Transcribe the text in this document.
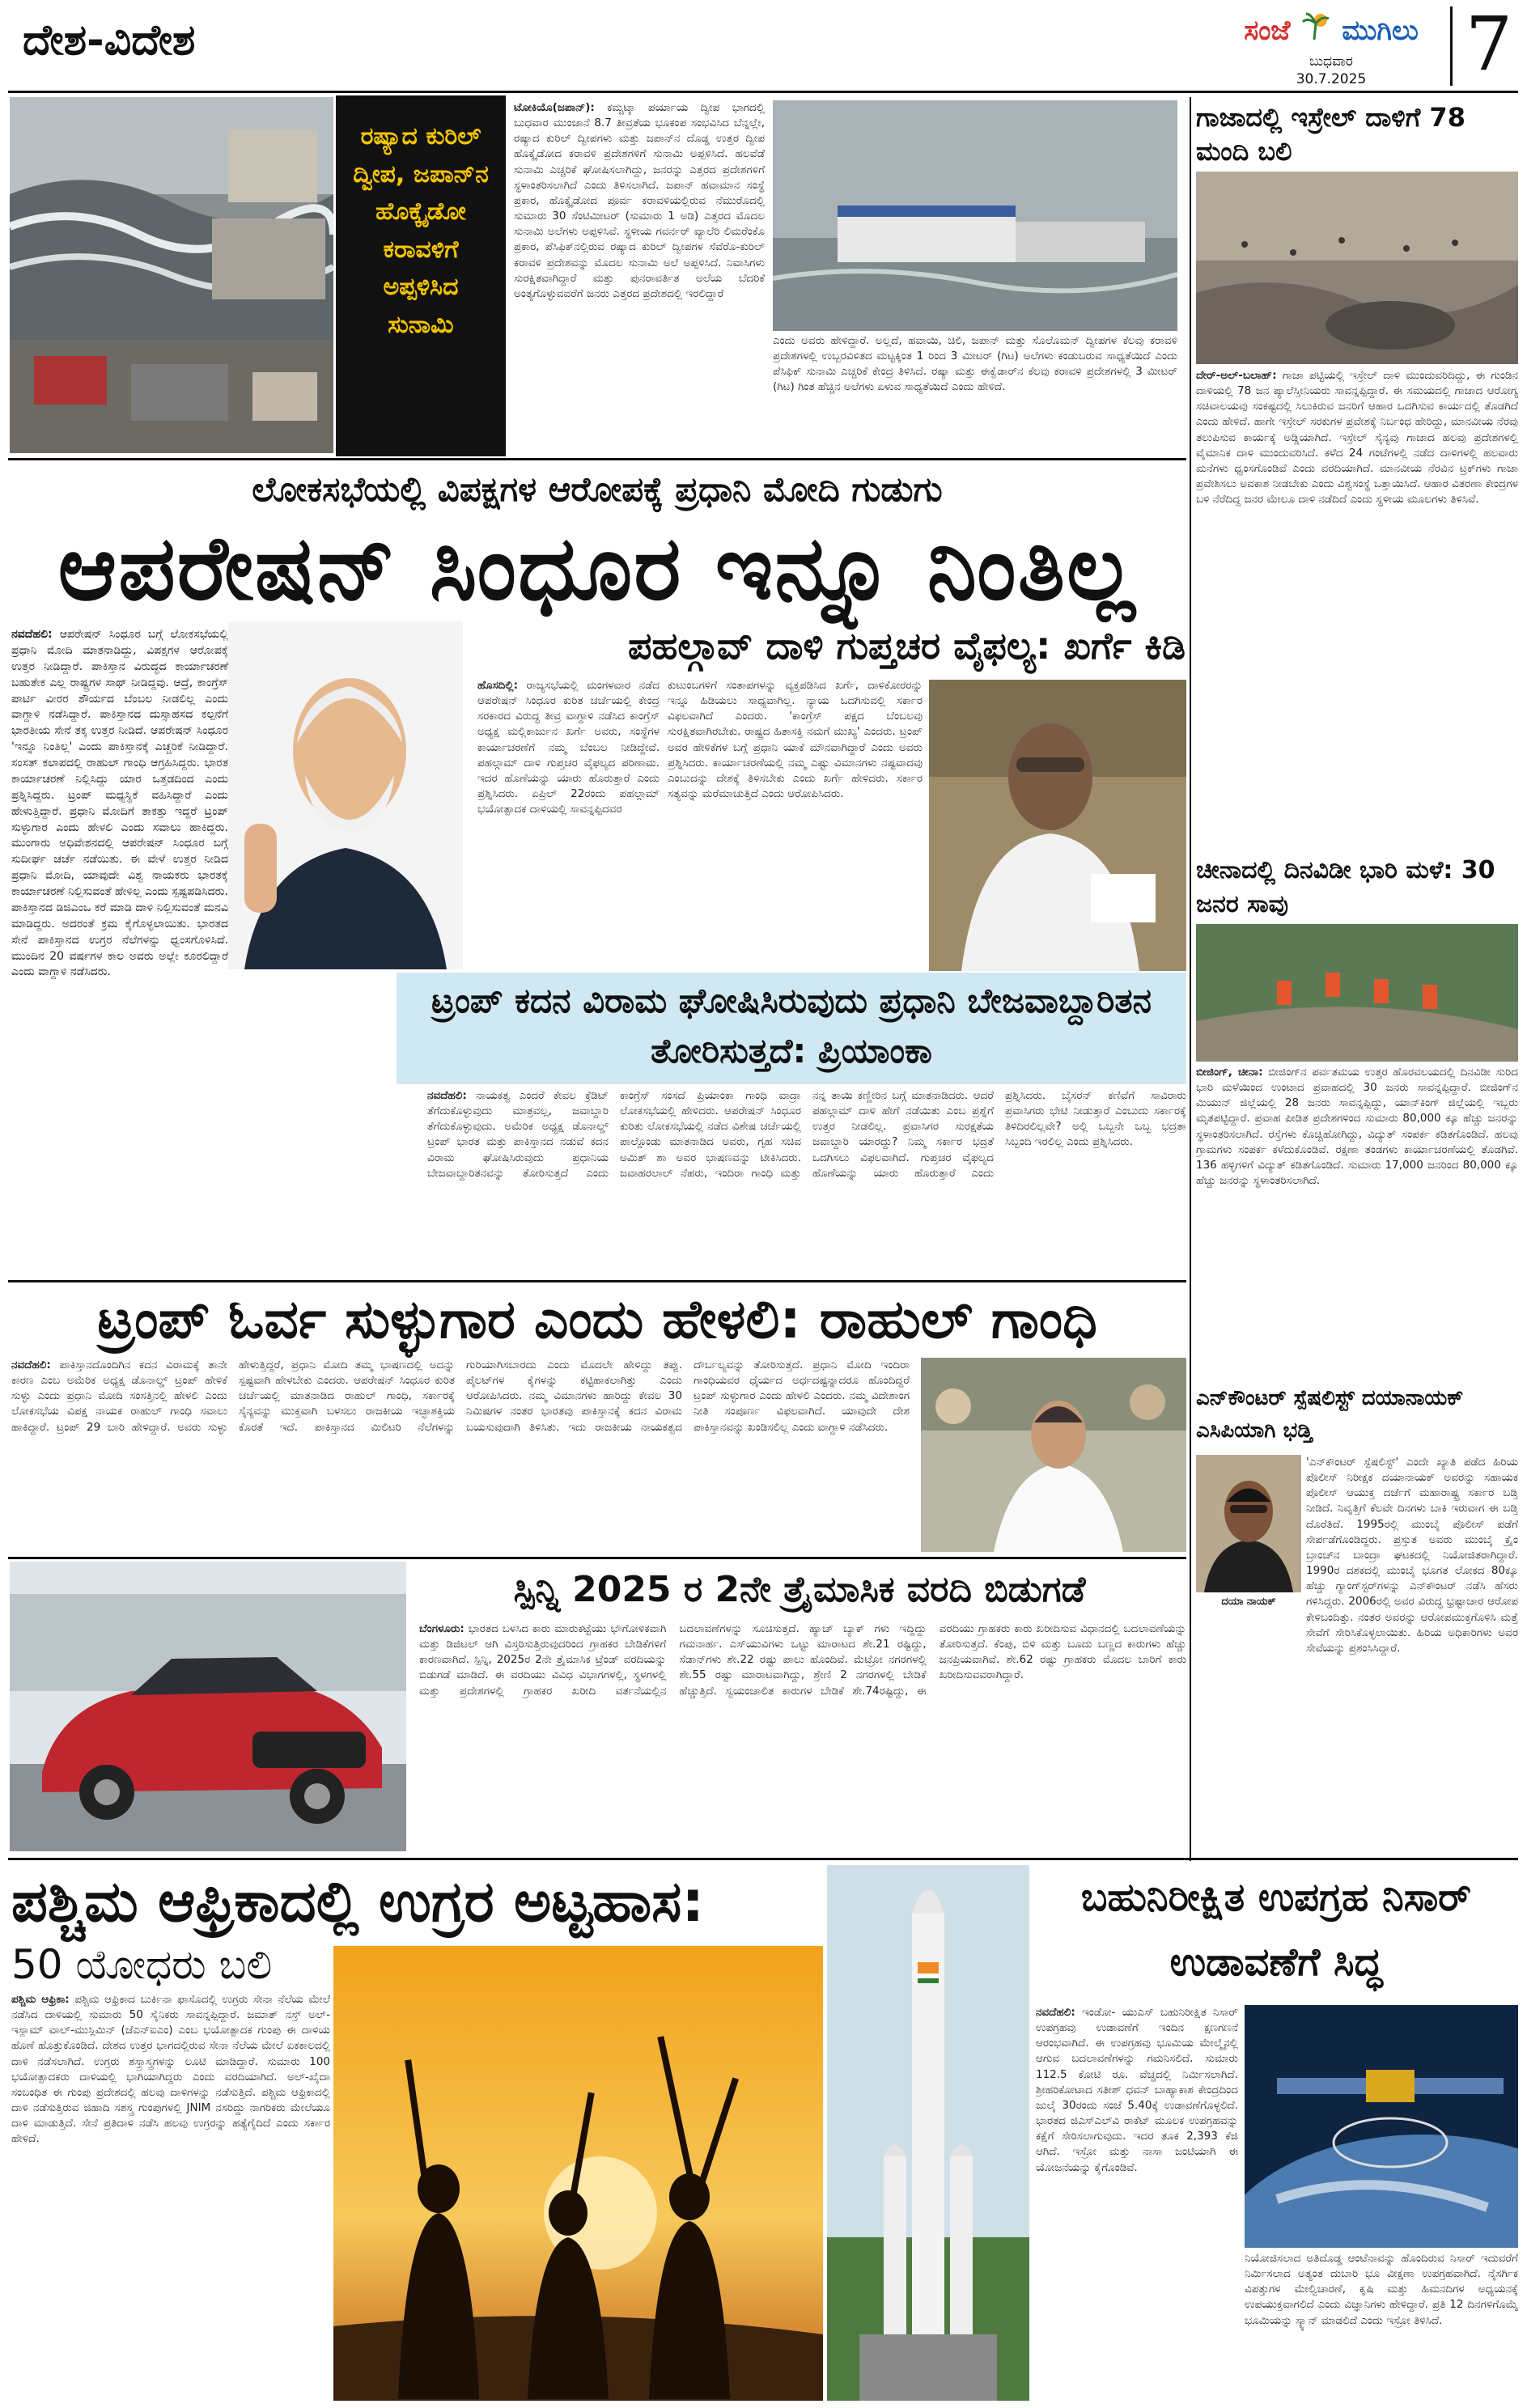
ದೇಶ-ವಿದೇಶ	ಸಂಜೆ ಮುಗಿಲು
ಬುಧವಾರ
30.7.2025	7
ರಷ್ಯಾದ ಕುರಿಲ್ ದ್ವೀಪ, ಜಪಾನ್‌ನ ಹೊಕ್ಕೈಡೋ ಕರಾವಳಿಗೆ ಅಪ್ಪಳಿಸಿದ ಸುನಾಮಿ
ಟೋಕಿಯೊ(ಜಪಾನ್): ಕಮ್ಚಟ್ಕಾ ಪರ್ಯಾಯ ದ್ವೀಪ ಭಾಗದಲ್ಲಿ ಬುಧವಾರ ಮುಂಜಾನೆ 8.7 ತೀವ್ರತೆಯ ಭೂಕಂಪ ಸಂಭವಿಸಿದ ಬೆನ್ನಲ್ಲೇ, ರಷ್ಯಾದ ಕುರಿಲ್ ದ್ವೀಪಗಳು ಮತ್ತು ಜಪಾನ್‌ನ ದೊಡ್ಡ ಉತ್ತರ ದ್ವೀಪ ಹೊಕ್ಕೈಡೋದ ಕರಾವಳಿ ಪ್ರದೇಶಗಳಿಗೆ ಸುನಾಮಿ ಅಪ್ಪಳಿಸಿದೆ. ಹಲವೆಡೆ ಸುನಾಮಿ ಎಚ್ಚರಿಕೆ ಘೋಷಿಸಲಾಗಿದ್ದು, ಜನರನ್ನು ಎತ್ತರದ ಪ್ರದೇಶಗಳಿಗೆ ಸ್ಥಳಾಂತರಿಸಲಾಗಿದೆ ಎಂದು ತಿಳಿಸಲಾಗಿದೆ. ಜಪಾನ್ ಹವಾಮಾನ ಸಂಸ್ಥೆ ಪ್ರಕಾರ, ಹೊಕ್ಕೈಡೋದ ಪೂರ್ವ ಕರಾವಳಿಯಲ್ಲಿರುವ ನೆಮುರೊದಲ್ಲಿ ಸುಮಾರು 30 ಸೆಂಟಿಮೀಟರ್ (ಸುಮಾರು 1 ಅಡಿ) ಎತ್ತರದ ಮೊದಲ ಸುನಾಮಿ ಅಲೆಗಳು ಅಪ್ಪಳಿಸಿವೆ. ಸ್ಥಳೀಯ ಗವರ್ನರ್ ವ್ಯಾಲೆರಿ ಲಿಮರೆಂಕೊ ಪ್ರಕಾರ, ಪೆಸಿಫಿಕ್‌ನಲ್ಲಿರುವ ರಷ್ಯಾದ ಕುರಿಲ್ ದ್ವೀಪಗಳ ಸೆವೆರೊ-ಕುರಿಲ್ ಕರಾವಳಿ ಪ್ರದೇಶವನ್ನು ಮೊದಲ ಸುನಾಮಿ ಅಲೆ ಅಪ್ಪಳಿಸಿದೆ. ನಿವಾಸಿಗಳು ಸುರಕ್ಷಿತವಾಗಿದ್ದಾರೆ ಮತ್ತು ಪುನರಾವರ್ತಿತ ಅಲೆಯ ಬೆದರಿಕೆ ಅಂತ್ಯಗೊಳ್ಳುವವರೆಗೆ ಜನರು ಎತ್ತರದ ಪ್ರದೇಶದಲ್ಲಿ ಇರಲಿದ್ದಾರೆ
ಎಂದು ಅವರು ಹೇಳಿದ್ದಾರೆ. ಅಲ್ಲದೆ, ಹವಾಯಿ, ಚಿಲಿ, ಜಪಾನ್ ಮತ್ತು ಸೊಲೊಮನ್ ದ್ವೀಪಗಳ ಕೆಲವು ಕರಾವಳಿ ಪ್ರದೇಶಗಳಲ್ಲಿ ಉಬ್ಬರವಿಳಿತದ ಮಟ್ಟಕ್ಕಿಂತ 1 ರಿಂದ 3 ಮೀಟರ್ (ಗಿಟ) ಅಲೆಗಳು ಕಂಡುಬರುವ ಸಾಧ್ಯತೆಯಿದೆ ಎಂದು ಪೆಸಿಫಿಕ್ ಸುನಾಮಿ ಎಚ್ಚರಿಕೆ ಕೇಂದ್ರ ತಿಳಿಸಿದೆ. ರಷ್ಯಾ ಮತ್ತು ಈಕ್ವೆಡಾರ್‌ನ ಕೆಲವು ಕರಾವಳಿ ಪ್ರದೇಶಗಳಲ್ಲಿ 3 ಮೀಟರ್ (ಗಿಟ) ಗಿಂತ ಹೆಚ್ಚಿನ ಅಲೆಗಳು ಏಳುವ ಸಾಧ್ಯತೆಯಿದೆ ಎಂದು ಹೇಳಿದೆ.
ಲೋಕಸಭೆಯಲ್ಲಿ ವಿಪಕ್ಷಗಳ ಆರೋಪಕ್ಕೆ ಪ್ರಧಾನಿ ಮೋದಿ ಗುಡುಗು
ಆಪರೇಷನ್ ಸಿಂಧೂರ ಇನ್ನೂ ನಿಂತಿಲ್ಲ
ನವದೆಹಲಿ: ಆಪರೇಷನ್ ಸಿಂಧೂರ ಬಗ್ಗೆ ಲೋಕಸಭೆಯಲ್ಲಿ ಪ್ರಧಾನಿ ಮೋದಿ ಮಾತನಾಡಿದ್ದು, ವಿಪಕ್ಷಗಳ ಆರೋಪಕ್ಕೆ ಉತ್ತರ ನೀಡಿದ್ದಾರೆ. ಪಾಕಿಸ್ತಾನ ವಿರುದ್ಧದ ಕಾರ್ಯಾಚರಣೆ ಬಹುತೇಕ ಎಲ್ಲ ರಾಷ್ಟ್ರಗಳ ಸಾಥ್ ನೀಡಿದ್ದವು. ಆದ್ರೆ, ಕಾಂಗ್ರೆಸ್ ಪಾರ್ಟಿ ವೀರರ ಶೌರ್ಯದ ಬೆಂಬಲ ನೀಡಲಿಲ್ಲ ಎಂದು ವಾಗ್ದಾಳಿ ನಡೆಸಿದ್ದಾರೆ. ಪಾಕಿಸ್ತಾನದ ದುಸ್ಸಾಹಸದ ಕಲ್ಪನೆಗೆ ಭಾರತೀಯ ಸೇನೆ ತಕ್ಕ ಉತ್ತರ ನೀಡಿದೆ. ಆಪರೇಷನ್ ಸಿಂಧೂರ 'ಇನ್ನೂ ನಿಂತಿಲ್ಲ' ಎಂದು ಪಾಕಿಸ್ತಾನಕ್ಕೆ ಎಚ್ಚರಿಕೆ ನೀಡಿದ್ದಾರೆ. ಸಂಸತ್ ಕಲಾಪದಲ್ಲಿ ರಾಹುಲ್ ಗಾಂಧಿ ಆಗ್ರಹಿಸಿದ್ದರು. ಭಾರತ ಕಾರ್ಯಾಚರಣೆ ನಿಲ್ಲಿಸಿದ್ದು ಯಾರ ಒತ್ತಡದಿಂದ ಎಂದು ಪ್ರಶ್ನಿಸಿದ್ದರು. ಟ್ರಂಪ್ ಮಧ್ಯಸ್ಥಿಕೆ ವಹಿಸಿದ್ದಾರೆ ಎಂದು ಹೇಳುತ್ತಿದ್ದಾರೆ. ಪ್ರಧಾನಿ ಮೋದಿಗೆ ತಾಕತ್ತು ಇದ್ದರೆ ಟ್ರಂಪ್ ಸುಳ್ಳುಗಾರ ಎಂದು ಹೇಳಲಿ ಎಂದು ಸವಾಲು ಹಾಕಿದ್ದರು. ಮುಂಗಾರು ಅಧಿವೇಶನದಲ್ಲಿ ಆಪರೇಷನ್ ಸಿಂಧೂರ ಬಗ್ಗೆ ಸುದೀರ್ಘ ಚರ್ಚೆ ನಡೆಯಿತು. ಈ ವೇಳೆ ಉತ್ತರ ನೀಡಿದ ಪ್ರಧಾನಿ ಮೋದಿ, ಯಾವುದೇ ವಿಶ್ವ ನಾಯಕರು ಭಾರತಕ್ಕೆ ಕಾರ್ಯಾಚರಣೆ ನಿಲ್ಲಿಸುವಂತೆ ಹೇಳಿಲ್ಲ ಎಂದು ಸ್ಪಷ್ಟಪಡಿಸಿದರು. ಪಾಕಿಸ್ತಾನದ ಡಿಜಿಎಂಒ ಕರೆ ಮಾಡಿ ದಾಳಿ ನಿಲ್ಲಿಸುವಂತೆ ಮನವಿ ಮಾಡಿದ್ದರು. ಅದರಂತೆ ಕ್ರಮ ಕೈಗೊಳ್ಳಲಾಯಿತು. ಭಾರತದ ಸೇನೆ ಪಾಕಿಸ್ತಾನದ ಉಗ್ರರ ನೆಲೆಗಳನ್ನು ಧ್ವಂಸಗೊಳಿಸಿದೆ. ಮುಂದಿನ 20 ವರ್ಷಗಳ ಕಾಲ ಅವರು ಅಲ್ಲೇ ಕೂರಲಿದ್ದಾರೆ ಎಂದು ವಾಗ್ದಾಳಿ ನಡೆಸಿದರು.
ಪಹಲ್ಗಾವ್ ದಾಳಿ ಗುಪ್ತಚರ ವೈಫಲ್ಯ: ಖರ್ಗೆ ಕಿಡಿ
ಹೊಸದಿಲ್ಲಿ: ರಾಜ್ಯಸಭೆಯಲ್ಲಿ ಮಂಗಳವಾರ ನಡೆದ ಆಪರೇಷನ್ ಸಿಂಧೂರ ಕುರಿತ ಚರ್ಚೆಯಲ್ಲಿ ಕೇಂದ್ರ ಸರಕಾರದ ವಿರುದ್ಧ ತೀವ್ರ ವಾಗ್ದಾಳಿ ನಡೆಸಿದ ಕಾಂಗ್ರೆಸ್ ಅಧ್ಯಕ್ಷ ಮಲ್ಲಿಕಾರ್ಜುನ ಖರ್ಗೆ ಅವರು, ಸಂಸ್ಥೆಗಳ ಕಾರ್ಯಾಚರಣೆಗೆ ನಮ್ಮ ಬೆಂಬಲ ನೀಡಿದ್ದೇವೆ. ಪಹಲ್ಗಾಮ್ ದಾಳಿ ಗುಪ್ತಚರ ವೈಫಲ್ಯದ ಪರಿಣಾಮ. ಇದರ ಹೊಣೆಯನ್ನು ಯಾರು ಹೊರುತ್ತಾರೆ ಎಂದು ಪ್ರಶ್ನಿಸಿದರು. ಏಪ್ರಿಲ್ 22ರಂದು ಪಹಲ್ಗಾಮ್ ಭಯೋತ್ಪಾದಕ ದಾಳಿಯಲ್ಲಿ ಸಾವನ್ನಪ್ಪಿದವರ
ಕುಟುಂಬಗಳಿಗೆ ಸಂತಾಪಗಳನ್ನು ವ್ಯಕ್ತಪಡಿಸಿದ ಖರ್ಗೆ, ದಾಳಿಕೋರರನ್ನು ಇನ್ನೂ ಹಿಡಿಯಲು ಸಾಧ್ಯವಾಗಿಲ್ಲ. ನ್ಯಾಯ ಒದಗಿಸುವಲ್ಲಿ ಸರ್ಕಾರ ವಿಫಲವಾಗಿದೆ ಎಂದರು. 'ಕಾಂಗ್ರೆಸ್ ಪಕ್ಷದ ಬೆಂಬಲವು ಸುರಕ್ಷಿತವಾಗಿರಬೇಕು. ರಾಷ್ಟ್ರದ ಹಿತಾಸಕ್ತಿ ನಮಗೆ ಮುಖ್ಯ' ಎಂದರು. ಟ್ರಂಪ್ ಅವರ ಹೇಳಿಕೆಗಳ ಬಗ್ಗೆ ಪ್ರಧಾನಿ ಯಾಕೆ ಮೌನವಾಗಿದ್ದಾರೆ ಎಂದು ಅವರು ಪ್ರಶ್ನಿಸಿದರು. ಕಾರ್ಯಾಚರಣೆಯಲ್ಲಿ ನಮ್ಮ ಎಷ್ಟು ವಿಮಾನಗಳು ನಷ್ಟವಾದವು ಎಂಬುದನ್ನು ದೇಶಕ್ಕೆ ತಿಳಿಸಬೇಕು ಎಂದು ಖರ್ಗೆ ಹೇಳಿದರು. ಸರ್ಕಾರ ಸತ್ಯವನ್ನು ಮರೆಮಾಚುತ್ತಿದೆ ಎಂದು ಆರೋಪಿಸಿದರು.
ಟ್ರಂಪ್ ಕದನ ವಿರಾಮ ಘೋಷಿಸಿರುವುದು ಪ್ರಧಾನಿ ಬೇಜವಾಬ್ದಾರಿತನ ತೋರಿಸುತ್ತದೆ: ಪ್ರಿಯಾಂಕಾ
ನವದೆಹಲಿ: ನಾಯಕತ್ವ ಎಂದರೆ ಕೇವಲ ಕ್ರೆಡಿಟ್ ತೆಗೆದುಕೊಳ್ಳುವುದು ಮಾತ್ರವಲ್ಲ, ಜವಾಬ್ದಾರಿ ತೆಗೆದುಕೊಳ್ಳುವುದು. ಅಮೆರಿಕ ಅಧ್ಯಕ್ಷ ಡೊನಾಲ್ಡ್ ಟ್ರಂಪ್ ಭಾರತ ಮತ್ತು ಪಾಕಿಸ್ತಾನದ ನಡುವೆ ಕದನ ವಿರಾಮ ಘೋಷಿಸಿರುವುದು ಪ್ರಧಾನಿಯ ಬೇಜವಾಬ್ದಾರಿತನವನ್ನು ತೋರಿಸುತ್ತದೆ ಎಂದು ಕಾಂಗ್ರೆಸ್ ಸಂಸದೆ ಪ್ರಿಯಾಂಕಾ ಗಾಂಧಿ ವಾದ್ರಾ ಲೋಕಸಭೆಯಲ್ಲಿ ಹೇಳಿದರು. ಆಪರೇಷನ್ ಸಿಂಧೂರ ಕುರಿತು ಲೋಕಸಭೆಯಲ್ಲಿ ನಡೆದ ವಿಶೇಷ ಚರ್ಚೆಯಲ್ಲಿ ಪಾಲ್ಗೊಂಡು ಮಾತನಾಡಿದ ಅವರು, ಗೃಹ ಸಚಿವ ಅಮಿತ್ ಶಾ ಅವರ ಭಾಷಣವನ್ನು ಟೀಕಿಸಿದರು. ಜವಾಹರಲಾಲ್ ನೆಹರು, ಇಂದಿರಾ ಗಾಂಧಿ ಮತ್ತು ನನ್ನ ತಾಯಿ ಕಣ್ಣೀರಿನ ಬಗ್ಗೆ ಮಾತನಾಡಿದರು. ಆದರೆ ಪಹಲ್ಗಾಮ್ ದಾಳಿ ಹೇಗೆ ನಡೆಯಿತು ಎಂಬ ಪ್ರಶ್ನೆಗೆ ಉತ್ತರ ನೀಡಲಿಲ್ಲ. ಪ್ರವಾಸಿಗರ ಸುರಕ್ಷತೆಯ ಜವಾಬ್ದಾರಿ ಯಾರದ್ದು? ನಿಮ್ಮ ಸರ್ಕಾರ ಭದ್ರತೆ ಒದಗಿಸಲು ವಿಫಲವಾಗಿದೆ. ಗುಪ್ತಚರ ವೈಫಲ್ಯದ ಹೊಣೆಯನ್ನು ಯಾರು ಹೊರುತ್ತಾರೆ ಎಂದು ಪ್ರಶ್ನಿಸಿದರು. ಬೈಸರನ್ ಕಣಿವೆಗೆ ಸಾವಿರಾರು ಪ್ರವಾಸಿಗರು ಭೇಟಿ ನೀಡುತ್ತಾರೆ ಎಂಬುದು ಸರ್ಕಾರಕ್ಕೆ ತಿಳಿದಿರಲಿಲ್ಲವೇ? ಅಲ್ಲಿ ಒಬ್ಬನೇ ಒಬ್ಬ ಭದ್ರತಾ ಸಿಬ್ಬಂದಿ ಇರಲಿಲ್ಲ ಎಂದು ಪ್ರಶ್ನಿಸಿದರು.
ಟ್ರಂಪ್ ಓರ್ವ ಸುಳ್ಳುಗಾರ ಎಂದು ಹೇಳಲಿ: ರಾಹುಲ್ ಗಾಂಧಿ
ನವದೆಹಲಿ: ಪಾಕಿಸ್ತಾನದೊಂದಿಗಿನ ಕದನ ವಿರಾಮಕ್ಕೆ ತಾನೇ ಕಾರಣ ಎಂಬ ಅಮೆರಿಕ ಅಧ್ಯಕ್ಷ ಡೊನಾಲ್ಡ್ ಟ್ರಂಪ್ ಹೇಳಿಕೆ ಸುಳ್ಳು ಎಂದು ಪ್ರಧಾನಿ ಮೋದಿ ಸಂಸತ್ತಿನಲ್ಲಿ ಹೇಳಲಿ ಎಂದು ಲೋಕಸಭೆಯ ವಿಪಕ್ಷ ನಾಯಕ ರಾಹುಲ್ ಗಾಂಧಿ ಸವಾಲು ಹಾಕಿದ್ದಾರೆ. ಟ್ರಂಪ್ 29 ಬಾರಿ ಹೇಳಿದ್ದಾರೆ. ಅವರು ಸುಳ್ಳು ಹೇಳುತ್ತಿದ್ದರೆ, ಪ್ರಧಾನಿ ಮೋದಿ ತಮ್ಮ ಭಾಷಣದಲ್ಲಿ ಅದನ್ನು ಸ್ಪಷ್ಟವಾಗಿ ಹೇಳಬೇಕು ಎಂದರು. ಆಪರೇಷನ್ ಸಿಂಧೂರ ಕುರಿತ ಚರ್ಚೆಯಲ್ಲಿ ಮಾತನಾಡಿದ ರಾಹುಲ್ ಗಾಂಧಿ, ಸರ್ಕಾರಕ್ಕೆ ಸೈನ್ಯವನ್ನು ಮುಕ್ತವಾಗಿ ಬಳಸಲು ರಾಜಕೀಯ ಇಚ್ಛಾಶಕ್ತಿಯ ಕೊರತೆ ಇದೆ. ಪಾಕಿಸ್ತಾನದ ಮಿಲಿಟರಿ ನೆಲೆಗಳನ್ನು ಗುರಿಯಾಗಿಸಬಾರದು ಎಂದು ಮೊದಲೇ ಹೇಳಿದ್ದು ತಪ್ಪು. ಪೈಲಟ್‌ಗಳ ಕೈಗಳನ್ನು ಕಟ್ಟಿಹಾಕಲಾಗಿತ್ತು ಎಂದು ಆರೋಪಿಸಿದರು. ನಮ್ಮ ವಿಮಾನಗಳು ಹಾರಿದ್ದು ಕೇವಲ 30 ನಿಮಿಷಗಳ ನಂತರ ಭಾರತವು ಪಾಕಿಸ್ತಾನಕ್ಕೆ ಕದನ ವಿರಾಮ ಬಯಸುವುದಾಗಿ ತಿಳಿಸಿತು. ಇದು ರಾಜಕೀಯ ನಾಯಕತ್ವದ ದೌರ್ಬಲ್ಯವನ್ನು ತೋರಿಸುತ್ತದೆ. ಪ್ರಧಾನಿ ಮೋದಿ ಇಂದಿರಾ ಗಾಂಧಿಯವರ ಧೈರ್ಯದ ಅರ್ಧದಷ್ಟನ್ನಾದರೂ ಹೊಂದಿದ್ದರೆ ಟ್ರಂಪ್ ಸುಳ್ಳುಗಾರ ಎಂದು ಹೇಳಲಿ ಎಂದರು. ನಮ್ಮ ವಿದೇಶಾಂಗ ನೀತಿ ಸಂಪೂರ್ಣ ವಿಫಲವಾಗಿದೆ. ಯಾವುದೇ ದೇಶ ಪಾಕಿಸ್ತಾನವನ್ನು ಖಂಡಿಸಲಿಲ್ಲ ಎಂದು ವಾಗ್ದಾಳಿ ನಡೆಸಿದರು.
ಸ್ಪಿನ್ನಿ 2025 ರ 2ನೇ ತ್ರೈಮಾಸಿಕ ವರದಿ ಬಿಡುಗಡೆ
ಬೆಂಗಳೂರು: ಭಾರತದ ಬಳಸಿದ ಕಾರು ಮಾರುಕಟ್ಟೆಯು ಭೌಗೋಳಿಕವಾಗಿ ಮತ್ತು ಡಿಜಿಟಲ್ ಆಗಿ ವಿಸ್ತರಿಸುತ್ತಿರುವುದರಿಂದ ಗ್ರಾಹಕರ ಬೇಡಿಕೆಗಳಿಗೆ ಕಾರಣವಾಗಿದೆ. ಸ್ಪಿನ್ನಿ, 2025ರ 2ನೇ ತ್ರೈಮಾಸಿಕ ಟ್ರೆಂಡ್ ವರದಿಯನ್ನು ಬಿಡುಗಡೆ ಮಾಡಿದೆ. ಈ ವರದಿಯು ವಿವಿಧ ವಿಭಾಗಗಳಲ್ಲಿ, ಸ್ಥಳಗಳಲ್ಲಿ ಮತ್ತು ಪ್ರದೇಶಗಳಲ್ಲಿ ಗ್ರಾಹಕರ ಖರೀದಿ ವರ್ತನೆಯಲ್ಲಿನ ಬದಲಾವಣೆಗಳನ್ನು ಸೂಚಿಸುತ್ತದೆ. ಹ್ಯಾಚ್ ಬ್ಯಾಕ್ ಗಳು ಇದ್ದಿದ್ದು ಗಮನಾರ್ಹ. ಎಸ್‌ಯುವಿಗಳು ಒಟ್ಟು ಮಾರಾಟದ ಶೇ.21 ರಷ್ಟಿದ್ದು, ಸೆಡಾನ್‌ಗಳು ಶೇ.22 ರಷ್ಟು ಪಾಲು ಹೊಂದಿವೆ. ಮೆಟ್ರೋ ನಗರಗಳಲ್ಲಿ ಶೇ.55 ರಷ್ಟು ಮಾರಾಟವಾಗಿದ್ದು, ಶ್ರೇಣಿ 2 ನಗರಗಳಲ್ಲಿ ಬೇಡಿಕೆ ಹೆಚ್ಚುತ್ತಿದೆ. ಸ್ವಯಂಚಾಲಿತ ಕಾರುಗಳ ಬೇಡಿಕೆ ಶೇ.74ರಷ್ಟಿದ್ದು, ಈ ವರದಿಯು ಗ್ರಾಹಕರು ಕಾರು ಖರೀದಿಸುವ ವಿಧಾನದಲ್ಲಿ ಬದಲಾವಣೆಯನ್ನು ತೋರಿಸುತ್ತದೆ. ಕೆಂಪು, ಬಿಳಿ ಮತ್ತು ಬೂದು ಬಣ್ಣದ ಕಾರುಗಳು ಹೆಚ್ಚು ಜನಪ್ರಿಯವಾಗಿವೆ. ಶೇ.62 ರಷ್ಟು ಗ್ರಾಹಕರು ಮೊದಲ ಬಾರಿಗೆ ಕಾರು ಖರೀದಿಸುವವರಾಗಿದ್ದಾರೆ.
ಗಾಜಾದಲ್ಲಿ ಇಸ್ರೇಲ್ ದಾಳಿಗೆ 78 ಮಂದಿ ಬಲಿ
ದೇರ್-ಅಲ್-ಬಲಾಹ್: ಗಾಜಾ ಪಟ್ಟಿಯಲ್ಲಿ ಇಸ್ರೇಲ್ ದಾಳಿ ಮುಂದುವರಿದಿದ್ದು, ಈ ಗುಂಡಿನ ದಾಳಿಯಲ್ಲಿ 78 ಜನ ಪ್ಯಾಲೆಸ್ತೀನಿಯರು ಸಾವನ್ನಪ್ಪಿದ್ದಾರೆ. ಈ ಸಮಯದಲ್ಲಿ ಗಾಜಾದ ಆರೋಗ್ಯ ಸಚಿವಾಲಯವು ಸಂಕಷ್ಟದಲ್ಲಿ ಸಿಲುಕಿರುವ ಜನರಿಗೆ ಆಹಾರ ಒದಗಿಸುವ ಕಾರ್ಯದಲ್ಲಿ ತೊಡಗಿದೆ ಎಂದು ಹೇಳಿದೆ. ಹಾಗೇ ಇಸ್ರೇಲ್ ಸರಕುಗಳ ಪ್ರವೇಶಕ್ಕೆ ನಿರ್ಬಂಧ ಹೇರಿದ್ದು, ಮಾನವೀಯ ನೆರವು ತಲುಪಿಸುವ ಕಾರ್ಯಕ್ಕೆ ಅಡ್ಡಿಯಾಗಿದೆ. ಇಸ್ರೇಲ್ ಸೈನ್ಯವು ಗಾಜಾದ ಹಲವು ಪ್ರದೇಶಗಳಲ್ಲಿ ವೈಮಾನಿಕ ದಾಳಿ ಮುಂದುವರಿಸಿದೆ. ಕಳೆದ 24 ಗಂಟೆಗಳಲ್ಲಿ ನಡೆದ ದಾಳಿಗಳಲ್ಲಿ ಹಲವಾರು ಮನೆಗಳು ಧ್ವಂಸಗೊಂಡಿವೆ ಎಂದು ವರದಿಯಾಗಿದೆ. ಮಾನವೀಯ ನೆರವಿನ ಟ್ರಕ್‌ಗಳು ಗಾಜಾ ಪ್ರವೇಶಿಸಲು ಅವಕಾಶ ನೀಡಬೇಕು ಎಂದು ವಿಶ್ವಸಂಸ್ಥೆ ಒತ್ತಾಯಿಸಿದೆ. ಆಹಾರ ವಿತರಣಾ ಕೇಂದ್ರಗಳ ಬಳಿ ನೆರೆದಿದ್ದ ಜನರ ಮೇಲೂ ದಾಳಿ ನಡೆದಿದೆ ಎಂದು ಸ್ಥಳೀಯ ಮೂಲಗಳು ತಿಳಿಸಿವೆ.
ಚೀನಾದಲ್ಲಿ ದಿನವಿಡೀ ಭಾರಿ ಮಳೆ: 30 ಜನರ ಸಾವು
ಬೀಜಿಂಗ್, ಚೀನಾ: ಬೀಜಿಂಗ್‌ನ ಪರ್ವತಮಯ ಉತ್ತರ ಹೊರವಲಯದಲ್ಲಿ ದಿನವಿಡೀ ಸುರಿದ ಭಾರಿ ಮಳೆಯಿಂದ ಉಂಟಾದ ಪ್ರವಾಹದಲ್ಲಿ 30 ಜನರು ಸಾವನ್ನಪ್ಪಿದ್ದಾರೆ. ಬೀಜಿಂಗ್‌ನ ಮಿಯುನ್ ಜಿಲ್ಲೆಯಲ್ಲಿ 28 ಜನರು ಸಾವನ್ನಪ್ಪಿದ್ದು, ಯಾನ್‌ಕಿಂಗ್ ಜಿಲ್ಲೆಯಲ್ಲಿ ಇಬ್ಬರು ಮೃತಪಟ್ಟಿದ್ದಾರೆ. ಪ್ರವಾಹ ಪೀಡಿತ ಪ್ರದೇಶಗಳಿಂದ ಸುಮಾರು 80,000 ಕ್ಕೂ ಹೆಚ್ಚು ಜನರನ್ನು ಸ್ಥಳಾಂತರಿಸಲಾಗಿದೆ. ರಸ್ತೆಗಳು ಕೊಚ್ಚಿಹೋಗಿದ್ದು, ವಿದ್ಯುತ್ ಸಂಪರ್ಕ ಕಡಿತಗೊಂಡಿದೆ. ಹಲವು ಗ್ರಾಮಗಳು ಸಂಪರ್ಕ ಕಳೆದುಕೊಂಡಿವೆ. ರಕ್ಷಣಾ ತಂಡಗಳು ಕಾರ್ಯಾಚರಣೆಯಲ್ಲಿ ತೊಡಗಿವೆ. 136 ಹಳ್ಳಿಗಳಿಗೆ ವಿದ್ಯುತ್ ಕಡಿತಗೊಂಡಿದೆ. ಸುಮಾರು 17,000 ಜನರಿಂದ 80,000 ಕ್ಕೂ ಹೆಚ್ಚು ಜನರನ್ನು ಸ್ಥಳಾಂತರಿಸಲಾಗಿದೆ.
ಎನ್‌ಕೌಂಟರ್ ಸ್ಪೆಷಲಿಸ್ಟ್ ದಯಾನಾಯಕ್ ಎಸಿಪಿಯಾಗಿ ಭಡ್ತಿ
'ಎನ್‌ಕೌಂಟರ್ ಸ್ಪೆಷಲಿಸ್ಟ್' ಎಂದೇ ಖ್ಯಾತಿ ಪಡೆದ ಹಿರಿಯ ಪೊಲೀಸ್ ನಿರೀಕ್ಷಕ ದಯಾನಾಯಕ್ ಅವರನ್ನು ಸಹಾಯಕ ಪೊಲೀಸ್ ಆಯುಕ್ತ ದರ್ಜೆಗೆ ಮಹಾರಾಷ್ಟ್ರ ಸರ್ಕಾರ ಬಡ್ತಿ ನೀಡಿದೆ. ನಿವೃತ್ತಿಗೆ ಕೆಲವೇ ದಿನಗಳು ಬಾಕಿ ಇರುವಾಗ ಈ ಬಡ್ತಿ ದೊರೆತಿದೆ. 1995ರಲ್ಲಿ ಮುಂಬೈ ಪೊಲೀಸ್ ಪಡೆಗೆ ಸೇರ್ಪಡೆಗೊಂಡಿದ್ದರು. ಪ್ರಸ್ತುತ ಅವರು ಮುಂಬೈ ಕ್ರೈಂ ಬ್ರಾಂಚ್‌ನ ಬಾಂದ್ರಾ ಘಟಕದಲ್ಲಿ ನಿಯೋಜಿತರಾಗಿದ್ದಾರೆ. 1990ರ ದಶಕದಲ್ಲಿ ಮುಂಬೈ ಭೂಗತ ಲೋಕದ 80ಕ್ಕೂ ಹೆಚ್ಚು ಗ್ಯಾಂಗ್‌ಸ್ಟರ್‌ಗಳನ್ನು ಎನ್‌ಕೌಂಟರ್ ನಡೆಸಿ ಹೆಸರು ಗಳಿಸಿದ್ದರು. 2006ರಲ್ಲಿ ಅವರ ವಿರುದ್ಧ ಭ್ರಷ್ಟಾಚಾರ ಆರೋಪ ಕೇಳಿಬಂದಿತ್ತು. ನಂತರ ಅವರನ್ನು ಆರೋಪಮುಕ್ತಗೊಳಿಸಿ ಮತ್ತೆ ಸೇವೆಗೆ ಸೇರಿಸಿಕೊಳ್ಳಲಾಯಿತು. ಹಿರಿಯ ಅಧಿಕಾರಿಗಳು ಅವರ ಸೇವೆಯನ್ನು ಪ್ರಶಂಸಿಸಿದ್ದಾರೆ.
ದಯಾ ನಾಯಕ್
ಪಶ್ಚಿಮ ಆಫ್ರಿಕಾದಲ್ಲಿ ಉಗ್ರರ ಅಟ್ಟಹಾಸ:
50 ಯೋಧರು ಬಲಿ
ಪಶ್ಚಿಮ ಆಫ್ರಿಕಾ: ಪಶ್ಚಿಮ ಆಫ್ರಿಕಾದ ಬುರ್ಕಿನಾ ಫಾಸೊದಲ್ಲಿ ಉಗ್ರರು ಸೇನಾ ನೆಲೆಯ ಮೇಲೆ ನಡೆಸಿದ ದಾಳಿಯಲ್ಲಿ ಸುಮಾರು 50 ಸೈನಿಕರು ಸಾವನ್ನಪ್ಪಿದ್ದಾರೆ. ಜಮಾತ್ ನಸ್ರ್ ಅಲ್-ಇಸ್ಲಾಮ್ ವಾಲ್-ಮುಸ್ಲಿಮಿನ್ (ಜೆಎನ್ಐಎಂ) ಎಂಬ ಭಯೋತ್ಪಾದಕ ಗುಂಪು ಈ ದಾಳಿಯ ಹೊಣೆ ಹೊತ್ತುಕೊಂಡಿದೆ. ದೇಶದ ಉತ್ತರ ಭಾಗದಲ್ಲಿರುವ ಸೇನಾ ನೆಲೆಯ ಮೇಲೆ ಏಕಕಾಲದಲ್ಲಿ ದಾಳಿ ನಡೆಸಲಾಗಿದೆ. ಉಗ್ರರು ಶಸ್ತ್ರಾಸ್ತ್ರಗಳನ್ನು ಲೂಟಿ ಮಾಡಿದ್ದಾರೆ. ಸುಮಾರು 100 ಭಯೋತ್ಪಾದಕರು ದಾಳಿಯಲ್ಲಿ ಭಾಗಿಯಾಗಿದ್ದರು ಎಂದು ವರದಿಯಾಗಿದೆ. ಅಲ್-ಖೈದಾ ಸಂಬಂಧಿತ ಈ ಗುಂಪು ಪ್ರದೇಶದಲ್ಲಿ ಹಲವು ದಾಳಿಗಳನ್ನು ನಡೆಸುತ್ತಿದೆ. ಪಶ್ಚಿಮ ಆಫ್ರಿಕಾದಲ್ಲಿ ದಾಳಿ ನಡೆಸುತ್ತಿರುವ ಜಿಹಾದಿ ಸಶಸ್ತ್ರ ಗುಂಪುಗಳಲ್ಲಿ JNIM ನಸರಿದ್ದು ನಾಗರಿಕರು ಮೇಲೆಯೂ ದಾಳಿ ಮಾಡುತ್ತಿದೆ. ಸೇನೆ ಪ್ರತಿದಾಳಿ ನಡೆಸಿ ಹಲವು ಉಗ್ರರನ್ನು ಹತ್ಯೆಗೈದಿದೆ ಎಂದು ಸರ್ಕಾರ ಹೇಳಿದೆ.
ಬಹುನಿರೀಕ್ಷಿತ ಉಪಗ್ರಹ ನಿಸಾರ್ ಉಡಾವಣೆಗೆ ಸಿದ್ಧ
ನವದೆಹಲಿ: ಇಂಡೋ- ಯುಎಸ್ ಬಹುನಿರೀಕ್ಷಿತ ನಿಸಾರ್ ಉಪಗ್ರಹವು ಉಡಾವಣೆಗೆ ಇಂದಿನ ಕ್ಷಣಗಣನೆ ಆರಂಭವಾಗಿದೆ. ಈ ಉಪಗ್ರಹವು ಭೂಮಿಯ ಮೇಲ್ಮೈನಲ್ಲಿ ಆಗುವ ಬದಲಾವಣೆಗಳನ್ನು ಗಮನಿಸಲಿದೆ. ಸುಮಾರು 112.5 ಕೋಟಿ ರೂ. ವೆಚ್ಚದಲ್ಲಿ ನಿರ್ಮಿಸಲಾಗಿದೆ. ಶ್ರೀಹರಿಕೋಟಾದ ಸತೀಶ್ ಧವನ್ ಬಾಹ್ಯಾಕಾಶ ಕೇಂದ್ರದಿಂದ ಜುಲೈ 30ರಂದು ಸಂಜೆ 5.40ಕ್ಕೆ ಉಡಾವಣೆಗೊಳ್ಳಲಿದೆ. ಭಾರತದ ಜಿಎಸ್‌ಎಲ್‌ವಿ ರಾಕೆಟ್ ಮೂಲಕ ಉಪಗ್ರಹವನ್ನು ಕಕ್ಷೆಗೆ ಸೇರಿಸಲಾಗುವುದು. ಇದರ ತೂಕ 2,393 ಕೆಜಿ ಆಗಿದೆ. ಇಸ್ರೋ ಮತ್ತು ನಾಸಾ ಜಂಟಿಯಾಗಿ ಈ ಯೋಜನೆಯನ್ನು ಕೈಗೊಂಡಿವೆ.
ನಿಯೋಜಿಸಲಾದ ಅತಿದೊಡ್ಡ ಆಂಟೆನಾವನ್ನು ಹೊಂದಿರುವ ನಿಸಾರ್ ಇದುವರೆಗೆ ನಿರ್ಮಿಸಲಾದ ಅತ್ಯಂತ ದುಬಾರಿ ಭೂ ವೀಕ್ಷಣಾ ಉಪಗ್ರಹವಾಗಿದೆ. ನೈಸರ್ಗಿಕ ವಿಪತ್ತುಗಳ ಮೇಲ್ವಿಚಾರಣೆ, ಕೃಷಿ ಮತ್ತು ಹಿಮನದಿಗಳ ಅಧ್ಯಯನಕ್ಕೆ ಉಪಯುಕ್ತವಾಗಲಿದೆ ಎಂದು ವಿಜ್ಞಾನಿಗಳು ಹೇಳಿದ್ದಾರೆ. ಪ್ರತಿ 12 ದಿನಗಳಿಗೊಮ್ಮೆ ಭೂಮಿಯನ್ನು ಸ್ಕ್ಯಾನ್ ಮಾಡಲಿದೆ ಎಂದು ಇಸ್ರೋ ತಿಳಿಸಿದೆ.
